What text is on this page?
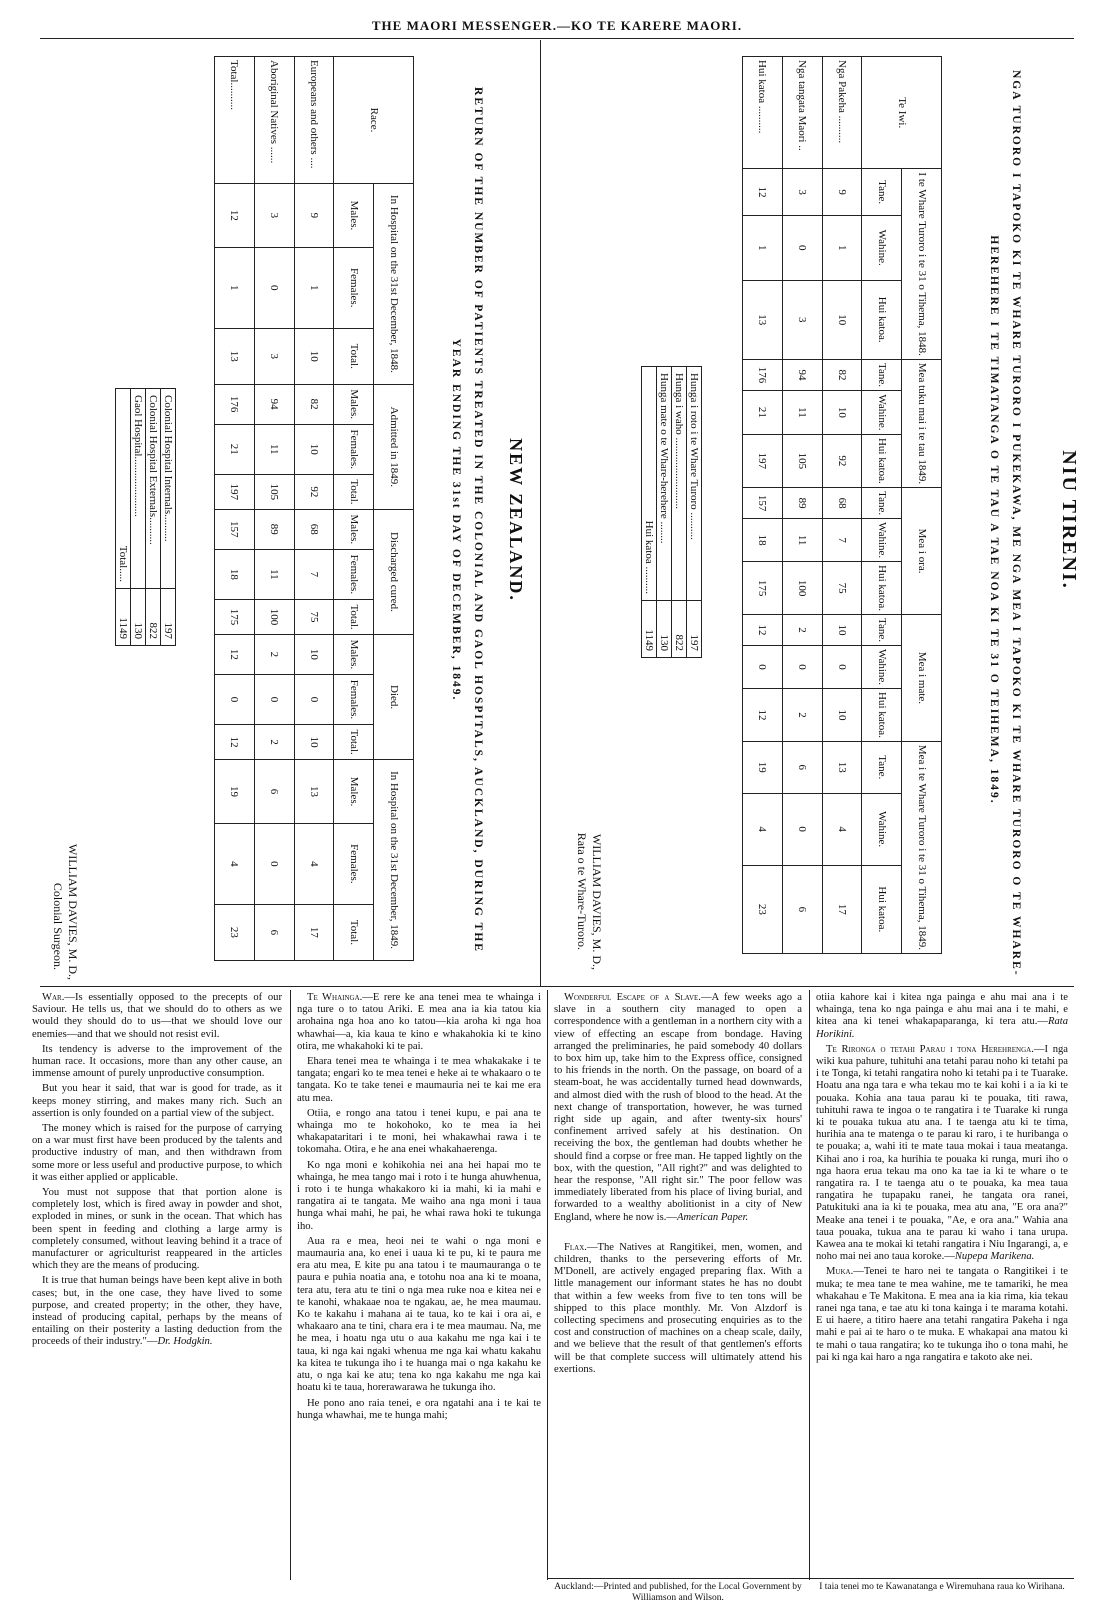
THE MAORI MESSENGER.—KO TE KARERE MAORI.
NIU TIRENI.
NGA TURORO I TAPOKO KI TE WHARE TURORO I PUKEKAWA, ME NGA MEA I TAPOKO KI TE WHARE TURORO O TE WHARE-
HEREHERE I TE TIMATANGA O TE TAU A TAE NOA KI TE 31 O TEIHEMA, 1849.
Te Iwi.	I te Whare Turoro i te 31 o Tihema, 1848.			Mea tuku mai i te tau 1849.			Mea i ora.			Mea i mate.			Mea i te Whare Turoro i te 31 o Tihema, 1849.		
	Tane.	Wahine.	Hui katoa.	Tane.	Wahine.	Hui katoa.	Tane.	Wahine.	Hui katoa.	Tane.	Wahine.	Hui katoa.	Tane.	Wahine.	Hui katoa.
Nga Pakeha ..........	9	1	10	82	10	92	68	7	75	10	0	10	13	4	17
Nga tangata Maori ..	3	0	3	94	11	105	89	11	100	2	0	2	6	0	6
Hui katoa ..........	12	1	13	176	21	197	157	18	175	12	0	12	19	4	23
Hunga i roto i te Whare Turoro ..........	197
Hunga i waho ..........................	822
Hunga mate o te Whare-herehere ........	130
Hui katoa ..........	1149
WILLIAM DAVIES, M. D.,
Rata o te Whare-Turoro.
NEW ZEALAND.
RETURN OF THE NUMBER OF PATIENTS TREATED IN THE COLONIAL AND GAOL HOSPITALS, AUCKLAND, DURING THE
YEAR ENDING THE 31st DAY OF DECEMBER, 1849.
Race.	In Hospital on the 31st December, 1848.			Admitted in 1849.			Discharged cured.			Died.			In Hospital on the 31st December, 1849.		
	Males.	Females.	Total.	Males.	Females.	Total.	Males.	Females.	Total.	Males.	Females.	Total.	Males.	Females.	Total.
Europeans and others ....	9	1	10	82	10	92	68	7	75	10	0	10	13	4	17
Aboriginal Natives ......	3	0	3	94	11	105	89	11	100	2	0	2	6	0	6
Total..........	12	1	13	176	21	197	157	18	175	12	0	12	19	4	23
Colonial Hospital Internals..........	197
Colonial Hospital Externals..........	822
Gaol Hospital......................	130
Total.....	1149
WILLIAM DAVIES, M. D.,
Colonial Surgeon.

War.—Is essentially opposed to the precepts of our Saviour. He tells us, that we should do to others as we would they should do to us—that we should love our enemies—and that we should not resist evil.

Its tendency is adverse to the improvement of the human race. It occasions, more than any other cause, an immense amount of purely unproductive consumption.

But you hear it said, that war is good for trade, as it keeps money stirring, and makes many rich. Such an assertion is only founded on a partial view of the subject.

The money which is raised for the purpose of carrying on a war must first have been produced by the talents and productive industry of man, and then withdrawn from some more or less useful and productive purpose, to which it was either applied or applicable.

You must not suppose that that portion alone is completely lost, which is fired away in powder and shot, exploded in mines, or sunk in the ocean. That which has been spent in feeding and clothing a large army is completely consumed, without leaving behind it a trace of manufacturer or agriculturist reappeared in the articles which they are the means of producing.

It is true that human beings have been kept alive in both cases; but, in the one case, they have lived to some purpose, and created property; in the other, they have, instead of producing capital, perhaps by the means of entailing on their posterity a lasting deduction from the proceeds of their industry."—Dr. Hodgkin.

Te Whainga.—E rere ke ana tenei mea te whainga i nga ture o to tatou Ariki. E mea ana ia kia tatou kia arohaina nga hoa ano ko tatou—kia aroha ki nga hoa whawhai—a, kia kaua te kino e whakahokia ki te kino otira, me whakahoki ki te pai.

Ehara tenei mea te whainga i te mea whakakake i te tangata; engari ko te mea tenei e heke ai te whakaaro o te tangata. Ko te take tenei e maumauria nei te kai me era atu mea.

Otiia, e rongo ana tatou i tenei kupu, e pai ana te whainga mo te hokohoko, ko te mea ia hei whakapataritari i te moni, hei whakawhai rawa i te tokomaha. Otira, e he ana enei whakahaerenga.

Ko nga moni e kohikohia nei ana hei hapai mo te whainga, he mea tango mai i roto i te hunga ahuwhenua, i roto i te hunga whakakoro ki ia mahi, ki ia mahi e rangatira ai te tangata. Me waiho ana nga moni i taua hunga whai mahi, he pai, he whai rawa hoki te tukunga iho.

Aua ra e mea, heoi nei te wahi o nga moni e maumauria ana, ko enei i uaua ki te pu, ki te paura me era atu mea, E kite pu ana tatou i te maumauranga o te paura e puhia noatia ana, e totohu noa ana ki te moana, tera atu, tera atu te tini o nga mea ruke noa e kitea nei e te kanohi, whakaae noa te ngakau, ae, he mea maumau. Ko te kakahu i mahana ai te taua, ko te kai i ora ai, e whakaaro ana te tini, chara era i te mea maumau. Na, me he mea, i hoatu nga utu o aua kakahu me nga kai i te taua, ki nga kai ngaki whenua me nga kai whatu kakahu ka kitea te tukunga iho i te huanga mai o nga kakahu ke atu, o nga kai ke atu; tena ko nga kakahu me nga kai hoatu ki te taua, horerawarawa he tukunga iho.

He pono ano raia tenei, e ora ngatahi ana i te kai te hunga whawhai, me te hunga mahi;

Wonderful Escape of a Slave.—A few weeks ago a slave in a southern city managed to open a correspondence with a gentleman in a northern city with a view of effecting an escape from bondage. Having arranged the preliminaries, he paid somebody 40 dollars to box him up, take him to the Express office, consigned to his friends in the north. On the passage, on board of a steam-boat, he was accidentally turned head downwards, and almost died with the rush of blood to the head. At the next change of transportation, however, he was turned right side up again, and after twenty-six hours' confinement arrived safely at his destination. On receiving the box, the gentleman had doubts whether he should find a corpse or free man. He tapped lightly on the box, with the question, "All right?" and was delighted to hear the response, "All right sir." The poor fellow was immediately liberated from his place of living burial, and forwarded to a wealthy abolitionist in a city of New England, where he now is.—American Paper.

Flax.—The Natives at Rangitikei, men, women, and children, thanks to the persevering efforts of Mr. M'Donell, are actively engaged preparing flax. With a little management our informant states he has no doubt that within a few weeks from five to ten tons will be shipped to this place monthly. Mr. Von Alzdorf is collecting specimens and prosecuting enquiries as to the cost and construction of machines on a cheap scale, daily, and we believe that the result of that gentlemen's efforts will be that complete success will ultimately attend his exertions.

otiia kahore kai i kitea nga painga e ahu mai ana i te whainga, tena ko nga painga e ahu mai ana i te mahi, e kitea ana ki tenei whakapaparanga, ki tera atu.—Rata Horikini.

Te Rironga o tetahi Parau i tona Herehrenga.—I nga wiki kua pahure, tuhituhi ana tetahi parau noho ki tetahi pa i te Tonga, ki tetahi rangatira noho ki tetahi pa i te Tuarake. Hoatu ana nga tara e wha tekau mo te kai kohi i a ia ki te pouaka. Kohia ana taua parau ki te pouaka, titi rawa, tuhituhi rawa te ingoa o te rangatira i te Tuarake ki runga ki te pouaka tukua atu ana. I te taenga atu ki te tima, hurihia ana te matenga o te parau ki raro, i te huribanga o te pouaka; a, wahi iti te mate taua mokai i taua meatanga. Kihai ano i roa, ka hurihia te pouaka ki runga, muri iho o nga haora erua tekau ma ono ka tae ia ki te whare o te rangatira ra. I te taenga atu o te pouaka, ka mea taua rangatira he tupapaku ranei, he tangata ora ranei, Patukituki ana ia ki te pouaka, mea atu ana, "E ora ana?" Meake ana tenei i te pouaka, "Ae, e ora ana." Wahia ana taua pouaka, tukua ana te parau ki waho i tana urupa. Kawea ana te mokai ki tetahi rangatira i Niu Ingarangi, a, e noho mai nei ano taua koroke.—Nupepa Marikena.

Muka.—Tenei te haro nei te tangata o Rangitikei i te muka; te mea tane te mea wahine, me te tamariki, he mea whakahau e Te Makitona. E mea ana ia kia rima, kia tekau ranei nga tana, e tae atu ki tona kainga i te marama kotahi. E ui haere, a titiro haere ana tetahi rangatira Pakeha i nga mahi e pai ai te haro o te muka. E whakapai ana matou ki te mahi o taua rangatira; ko te tukunga iho o tona mahi, he pai ki nga kai haro a nga rangatira e takoto ake nei.

Auckland:—Printed and published, for the Local Government by Williamson and Wilson.
I taia tenei mo te Kawanatanga e Wiremuhana raua ko Wirihana.
